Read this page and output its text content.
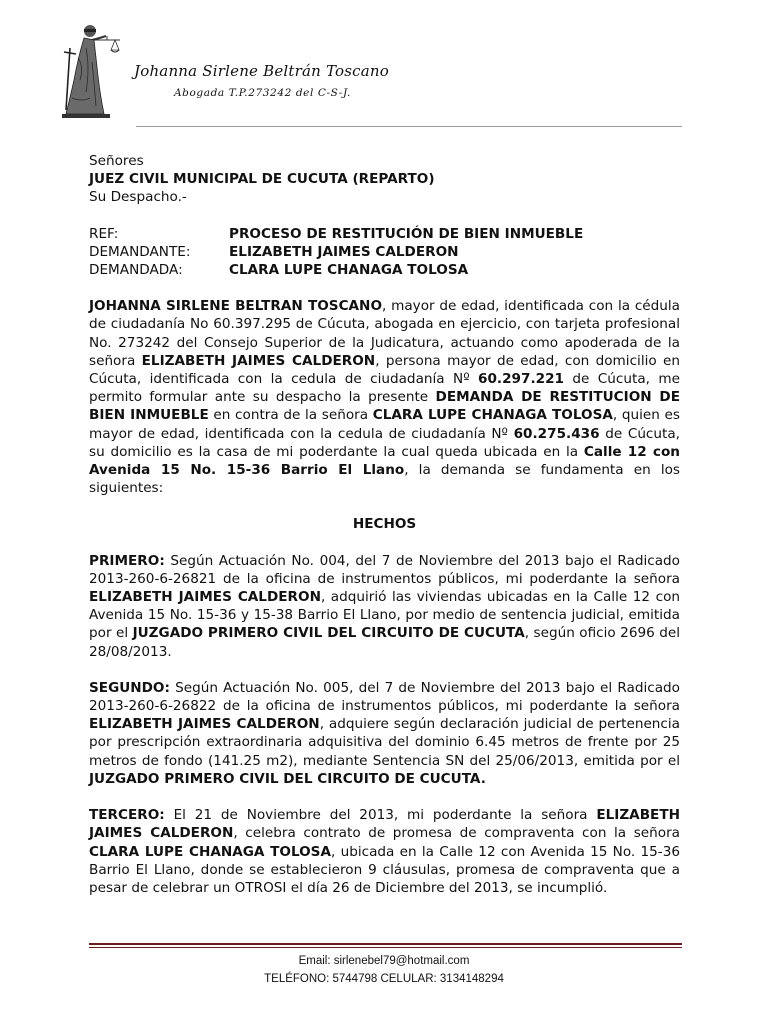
Johanna Sirlene Beltrán Toscano
Abogada T.P.273242 del C-S-J.

Señores

JUEZ CIVIL MUNICIPAL DE CUCUTA (REPARTO)

Su Despacho.-

REF:	PROCESO DE RESTITUCIÓN DE BIEN INMUEBLE
DEMANDANTE:	ELIZABETH JAIMES CALDERON
DEMANDADA:	CLARA LUPE CHANAGA TOLOSA

JOHANNA SIRLENE BELTRAN TOSCANO, mayor de edad, identificada con la cédula de ciudadanía No 60.397.295 de Cúcuta, abogada en ejercicio, con tarjeta profesional No. 273242 del Consejo Superior de la Judicatura, actuando como apoderada de la señora ELIZABETH JAIMES CALDERON, persona mayor de edad, con domicilio en Cúcuta, identificada con la cedula de ciudadanía Nº 60.297.221 de Cúcuta, me permito formular ante su despacho la presente DEMANDA DE RESTITUCION DE BIEN INMUEBLE en contra de la señora CLARA LUPE CHANAGA TOLOSA, quien es mayor de edad, identificada con la cedula de ciudadanía Nº 60.275.436 de Cúcuta, su domicilio es la casa de mi poderdante la cual queda ubicada en la Calle 12 con Avenida 15 No. 15-36 Barrio El Llano, la demanda se fundamenta en los siguientes:

HECHOS

PRIMERO: Según Actuación No. 004, del 7 de Noviembre del 2013 bajo el Radicado 2013-260-6-26821 de la oficina de instrumentos públicos, mi poderdante la señora ELIZABETH JAIMES CALDERON, adquirió las viviendas ubicadas en la Calle 12 con Avenida 15 No. 15-36 y 15-38 Barrio El Llano, por medio de sentencia judicial, emitida por el JUZGADO PRIMERO CIVIL DEL CIRCUITO DE CUCUTA, según oficio 2696 del 28/08/2013.

SEGUNDO: Según Actuación No. 005, del 7 de Noviembre del 2013 bajo el Radicado 2013-260-6-26822 de la oficina de instrumentos públicos, mi poderdante la señora ELIZABETH JAIMES CALDERON, adquiere según declaración judicial de pertenencia por prescripción extraordinaria adquisitiva del dominio 6.45 metros de frente por 25 metros de fondo (141.25 m2), mediante Sentencia SN del 25/06/2013, emitida por el JUZGADO PRIMERO CIVIL DEL CIRCUITO DE CUCUTA.

TERCERO: El 21 de Noviembre del 2013, mi poderdante la señora ELIZABETH JAIMES CALDERON, celebra contrato de promesa de compraventa con la señora CLARA LUPE CHANAGA TOLOSA, ubicada en la Calle 12 con Avenida 15 No. 15-36 Barrio El Llano, donde se establecieron 9 cláusulas, promesa de compraventa que a pesar de celebrar un OTROSI el día 26 de Diciembre del 2013, se incumplió.

Email: sirlenebel79@hotmail.com
TELÉFONO: 5744798 CELULAR: 3134148294
